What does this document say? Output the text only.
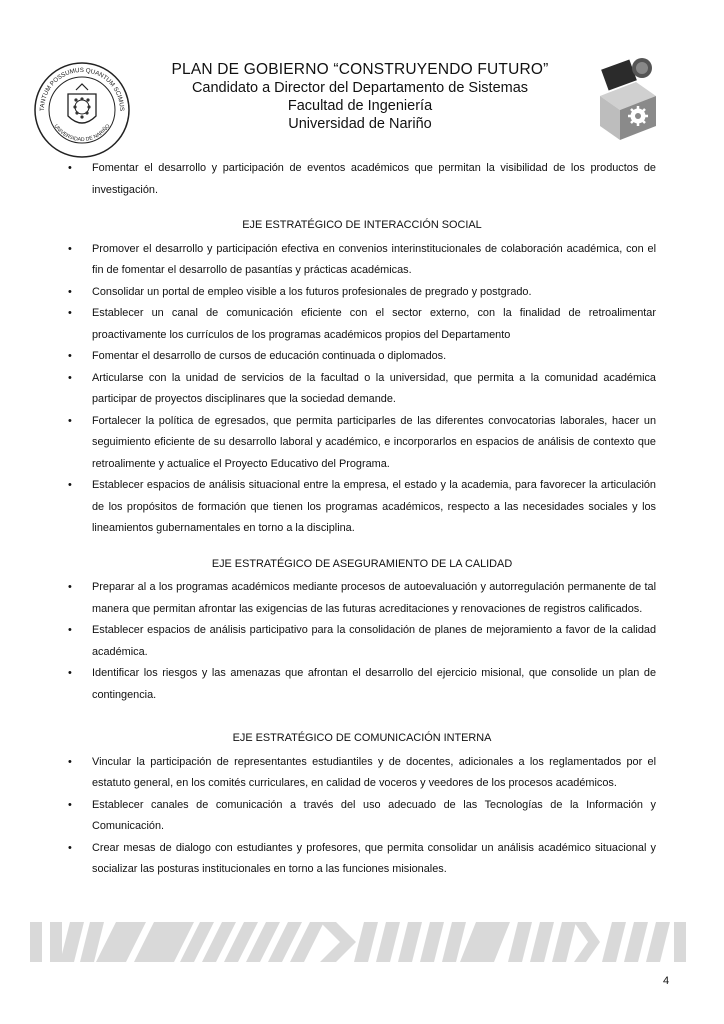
TANTUM POSSUMUS QUANTUM SCIMUS
UNIVERSIDAD DE NARIÑO
PLAN DE GOBIERNO “CONSTRUYENDO FUTURO”
Candidato a Director del Departamento de Sistemas
Facultad de Ingeniería
Universidad de Nariño
• Fomentar el desarrollo y participación de eventos académicos que permitan la visibilidad de los productos de investigación.
EJE ESTRATÉGICO DE INTERACCIÓN SOCIAL
• Promover el desarrollo y participación efectiva en convenios interinstitucionales de colaboración académica, con el fin de fomentar el desarrollo de pasantías y prácticas académicas.
• Consolidar un portal de empleo visible a los futuros profesionales de pregrado y postgrado.
• Establecer un canal de comunicación eficiente con el sector externo, con la finalidad de retroalimentar proactivamente los currículos de los programas académicos propios del Departamento
• Fomentar el desarrollo de cursos de educación continuada o diplomados.
• Articularse con la unidad de servicios de la facultad o la universidad, que permita a la comunidad académica participar de proyectos disciplinares que la sociedad demande.
• Fortalecer la política de egresados, que permita participarles de las diferentes convocatorias laborales, hacer un seguimiento eficiente de su desarrollo laboral y académico, e incorporarlos en espacios de análisis de contexto que retroalimente y actualice el Proyecto Educativo del Programa.
• Establecer espacios de análisis situacional entre la empresa, el estado y la academia, para favorecer la articulación de los propósitos de formación que tienen los programas académicos, respecto a las necesidades sociales y los lineamientos gubernamentales en torno a la disciplina.
EJE ESTRATÉGICO DE ASEGURAMIENTO DE LA CALIDAD
• Preparar al a los programas académicos mediante procesos de autoevaluación y autorregulación permanente de tal manera que permitan afrontar las exigencias de las futuras acreditaciones y renovaciones de registros calificados.
• Establecer espacios de análisis participativo para la consolidación de planes de mejoramiento a favor de la calidad académica.
• Identificar los riesgos y las amenazas que afrontan el desarrollo del ejercicio misional, que consolide un plan de contingencia.
EJE ESTRATÉGICO DE COMUNICACIÓN INTERNA
• Vincular la participación de representantes estudiantiles y de docentes, adicionales a los reglamentados por el estatuto general, en los comités curriculares, en calidad de voceros y veedores de los procesos académicos.
• Establecer canales de comunicación a través del uso adecuado de las Tecnologías de la Información y Comunicación.
• Crear mesas de dialogo con estudiantes y profesores, que permita consolidar un análisis académico situacional y socializar las posturas institucionales en torno a las funciones misionales.
4
